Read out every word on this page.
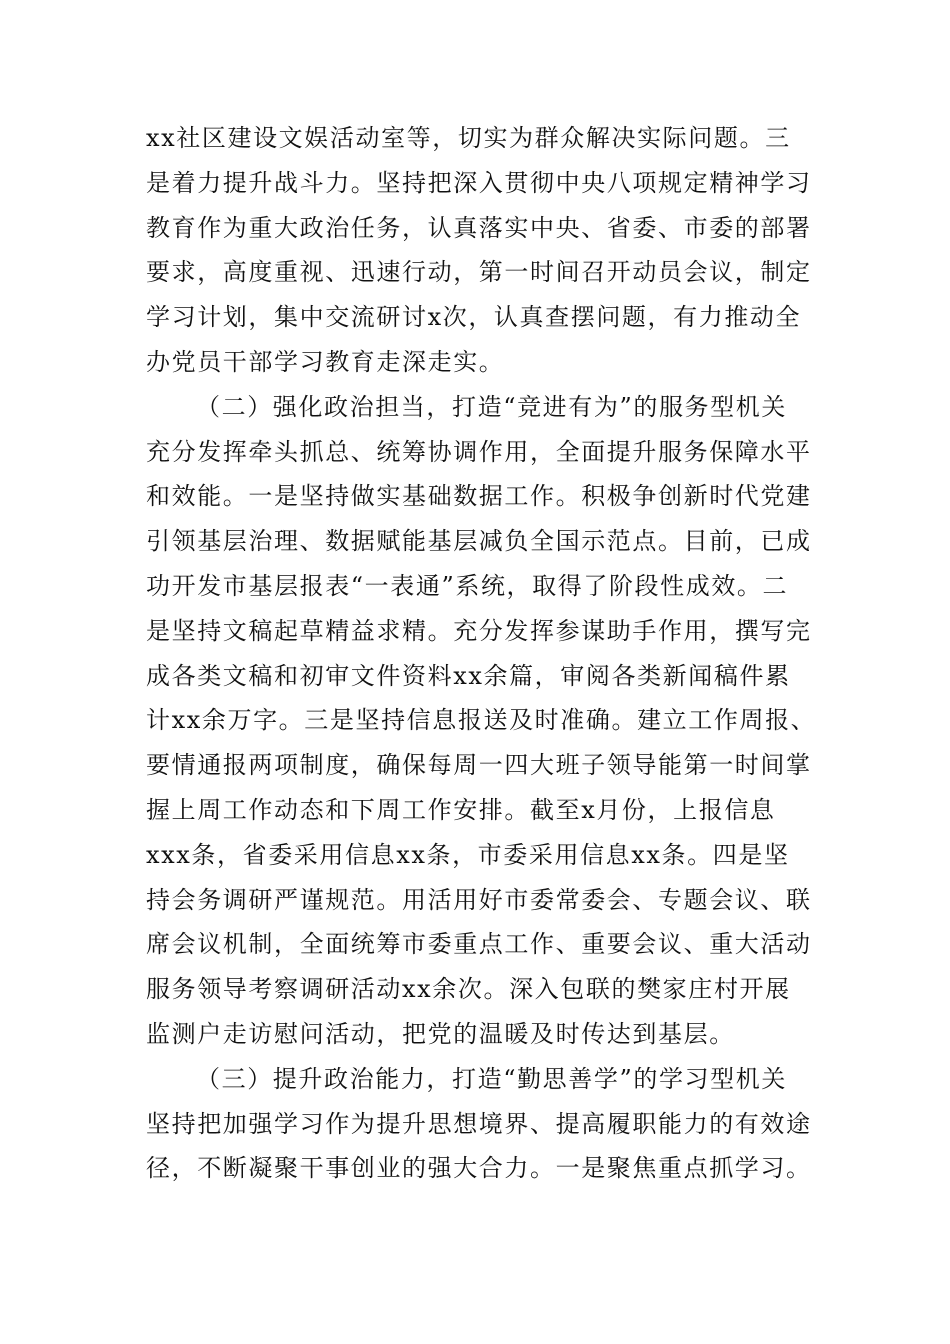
xx社区建设文娱活动室等，切实为群众解决实际问题。三
是着力提升战斗力。坚持把深入贯彻中央八项规定精神学习
教育作为重大政治任务，认真落实中央、省委、市委的部署
要求，高度重视、迅速行动，第一时间召开动员会议，制定
学习计划，集中交流研讨x次，认真查摆问题，有力推动全
办党员干部学习教育走深走实。
（二）强化政治担当，打造“竞进有为”的服务型机关
充分发挥牵头抓总、统筹协调作用，全面提升服务保障水平
和效能。一是坚持做实基础数据工作。积极争创新时代党建
引领基层治理、数据赋能基层减负全国示范点。目前，已成
功开发市基层报表“一表通”系统，取得了阶段性成效。二
是坚持文稿起草精益求精。充分发挥参谋助手作用，撰写完
成各类文稿和初审文件资料xx余篇，审阅各类新闻稿件累
计xx余万字。三是坚持信息报送及时准确。建立工作周报、
要情通报两项制度，确保每周一四大班子领导能第一时间掌
握上周工作动态和下周工作安排。截至x月份，上报信息
xxx条，省委采用信息xx条，市委采用信息xx条。四是坚
持会务调研严谨规范。用活用好市委常委会、专题会议、联
席会议机制，全面统筹市委重点工作、重要会议、重大活动
服务领导考察调研活动xx余次。深入包联的樊家庄村开展
监测户走访慰问活动，把党的温暖及时传达到基层。
（三）提升政治能力，打造“勤思善学”的学习型机关
坚持把加强学习作为提升思想境界、提高履职能力的有效途
径，不断凝聚干事创业的强大合力。一是聚焦重点抓学习。
